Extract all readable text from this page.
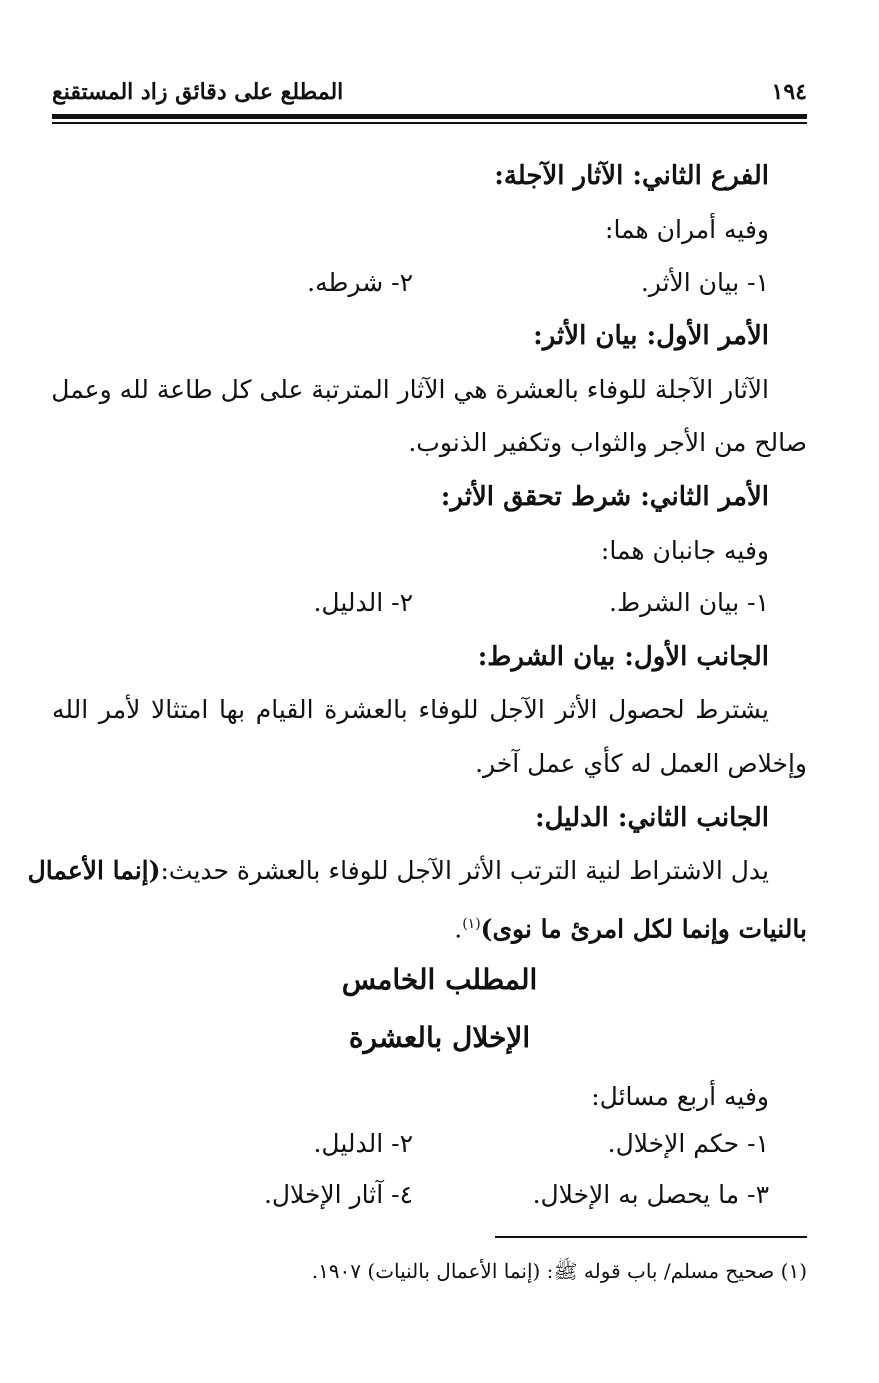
١٩٤
المطلع على دقائق زاد المستقنع
الفرع الثاني: الآثار الآجلة:
وفيه أمران هما:
١- بيان الأثر.
٢- شرطه.
الأمر الأول: بيان الأثر:
الآثار الآجلة للوفاء بالعشرة هي الآثار المترتبة على كل طاعة لله وعمل
صالح من الأجر والثواب وتكفير الذنوب.
الأمر الثاني: شرط تحقق الأثر:
وفيه جانبان هما:
١- بيان الشرط.
٢- الدليل.
الجانب الأول: بيان الشرط:
يشترط لحصول الأثر الآجل للوفاء بالعشرة القيام بها امتثالا لأمر الله
وإخلاص العمل له كأي عمل آخر.
الجانب الثاني: الدليل:
يدل الاشتراط لنية الترتب الأثر الآجل للوفاء بالعشرة حديث:
(إنما الأعمال
بالنيات وإنما لكل امرئ ما نوى)$^{(١)}$.
المطلب الخامس
الإخلال بالعشرة
وفيه أربع مسائل:
١- حكم الإخلال.
٢- الدليل.
٣- ما يحصل به الإخلال.
٤- آثار الإخلال.
(١) صحيح مسلم/ باب قوله ﷺ: (إنما الأعمال بالنيات) ١٩٠٧.
